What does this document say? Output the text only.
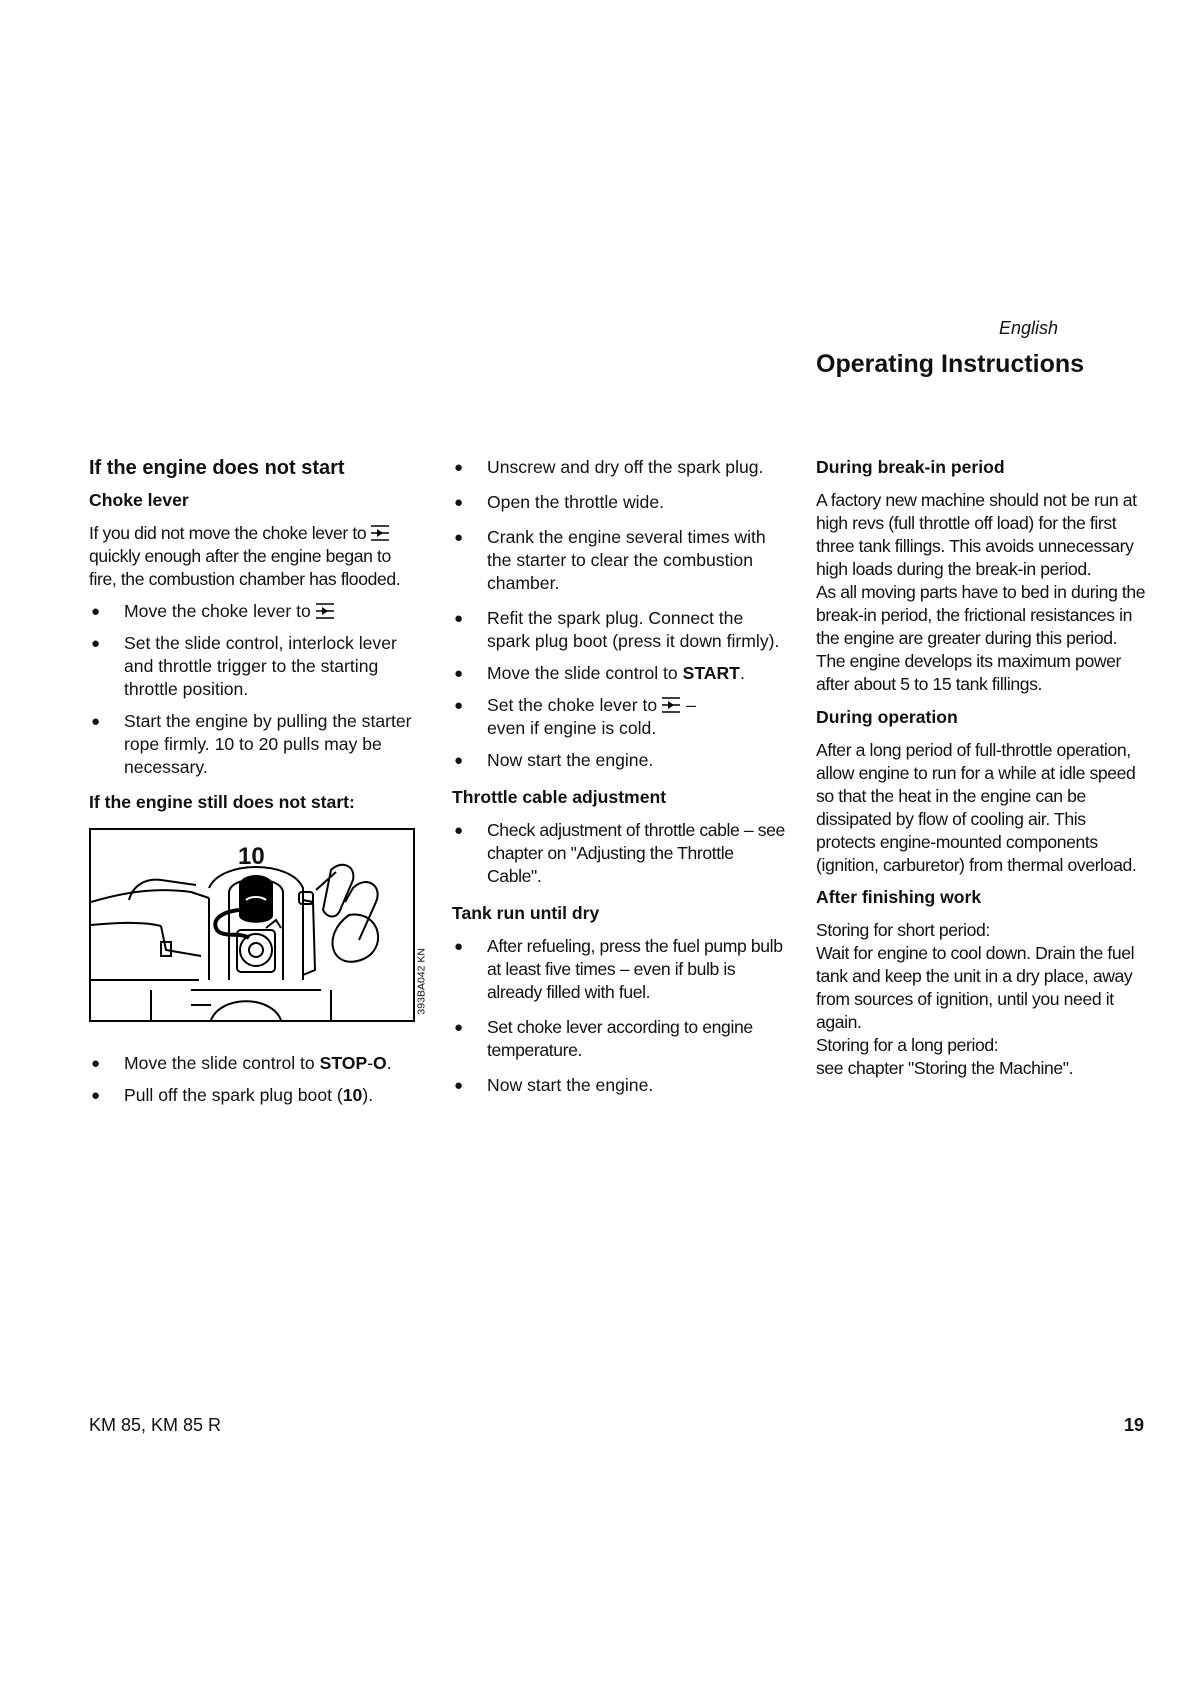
English
Operating Instructions
If the engine does not start
Choke lever

If you did not move the choke lever to
quickly enough after the engine began to fire, the combustion chamber has flooded.

● Move the choke lever to
● Set the slide control, interlock lever and throttle trigger to the starting throttle position.
● Start the engine by pulling the starter rope firmly. 10 to 20 pulls may be necessary.
If the engine still does not start:
10
393BA042 KN
● Move the slide control to STOP-O.
● Pull off the spark plug boot (10).
● Unscrew and dry off the spark plug.
● Open the throttle wide.
● Crank the engine several times with the starter to clear the combustion chamber.
● Refit the spark plug. Connect the spark plug boot (press it down firmly).
● Move the slide control to START.
● Set the choke lever to
–
even if engine is cold.
● Now start the engine.
Throttle cable adjustment
● Check adjustment of throttle cable – see chapter on "Adjusting the Throttle Cable".
Tank run until dry
● After refueling, press the fuel pump bulb at least five times – even if bulb is already filled with fuel.
● Set choke lever according to engine temperature.
● Now start the engine.
During break-in period
A factory new machine should not be run at high revs (full throttle off load) for the first three tank fillings. This avoids unnecessary high loads during the break-in period.
As all moving parts have to bed in during the break-in period, the frictional resistances in the engine are greater during this period.
The engine develops its maximum power after about 5 to 15 tank fillings.
During operation

After a long period of full-throttle operation, allow engine to run for a while at idle speed so that the heat in the engine can be dissipated by flow of cooling air. This protects engine-mounted components (ignition, carburetor) from thermal overload.

After finishing work
Storing for short period:
Wait for engine to cool down. Drain the fuel tank and keep the unit in a dry place, away from sources of ignition, until you need it again.
Storing for a long period:
see chapter "Storing the Machine".
KM 85, KM 85 R	19
